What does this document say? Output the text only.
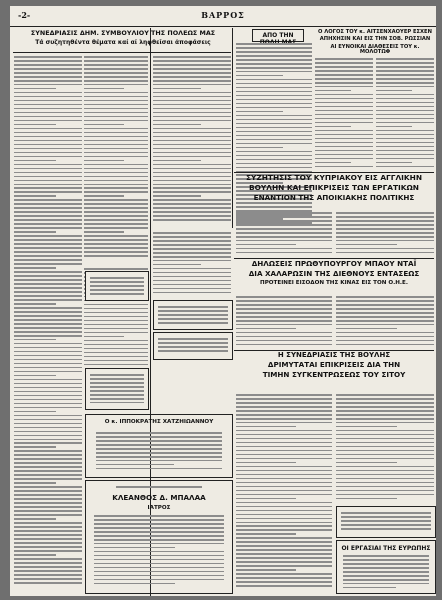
-2-	ΒΑΡΡΟΣ
ΣΥΝΕΔΡΙΑΣΙΣ ΔΗΜ. ΣΥΜΒΟΥΛΙΟΥ ΤΗΣ ΠΟΛΕΩΣ ΜΑΣ
Τά συζητηθέντα θέματα καί αί ληφθεῖσαι ἀποφάσεις
ΑΠΟ ΤΗΝ	Ο ΛΟΓΟΣ ΤΟΥ κ. ΑΙΤΣΕΝΧΑΟΥΕΡ ΕΣΧΕΝ
ΑΠΗΧΗΣΙΝ ΚΑΙ ΕΙΣ ΤΗΝ ΣΟΒ. ΡΩΣΣΙΑΝ
ΑΙ ΕΥΝΟΙΚΑΙ ΔΙΑΘΕΣΕΙΣ ΤΟΥ κ. ΜΟΛΟΤΩΦ
ΣΥΖΗΤΗΣΙΣ ΤΟΥ ΚΥΠΡΙΑΚΟΥ ΕΙΣ ΑΓΓΛΙΚΗΝ
ΒΟΥΛΗΝ ΚΑΙ ΕΠΙΚΡΙΣΕΙΣ ΤΩΝ ΕΡΓΑΤΙΚΩΝ
ΕΝΑΝΤΙΟΝ ΤΗΣ ΑΠΟΙΚΙΑΚΗΣ ΠΟΛΙΤΙΚΗΣ
ΔΗΛΩΣΕΙΣ ΠΡΩΘΥΠΟΥΡΓΟΥ ΜΠΑΟΥ ΝΤΑΪ
ΔΙΑ ΧΑΛΑΡΩΣΙΝ ΤΗΣ ΔΙΕΘΝΟΥΣ ΕΝΤΑΣΕΩΣ
ΠΡΟΤΕΙΝΕΙ ΕΙΣΟΔΟΝ ΤΗΣ ΚΙΝΑΣ ΕΙΣ ΤΟΝ Ο.Η.Ε.
Η ΣΥΝΕΔΡΙΑΣΙΣ ΤΗΣ ΒΟΥΛΗΣ
ΔΡΙΜΥΤΑΤΑΙ ΕΠΙΚΡΙΣΕΙΣ ΔΙΑ ΤΗΝ
ΤΙΜΗΝ ΣΥΓΚΕΝΤΡΩΣΕΩΣ ΤΟΥ ΣΙΤΟΥ
Ο κ. ΙΠΠΟΚΡΑΤΗΣ ΧΑΤΖΗΙΩΑΝΝΟΥ
ΚΛΕΑΝΘΟΣ Δ. ΜΠΑΛΑΑ
ΙΑΤΡΟΣ
ΟΙ ΕΡΓΑΣΙΑΙ ΤΗΣ ΕΥΡΩΠΗΣ
